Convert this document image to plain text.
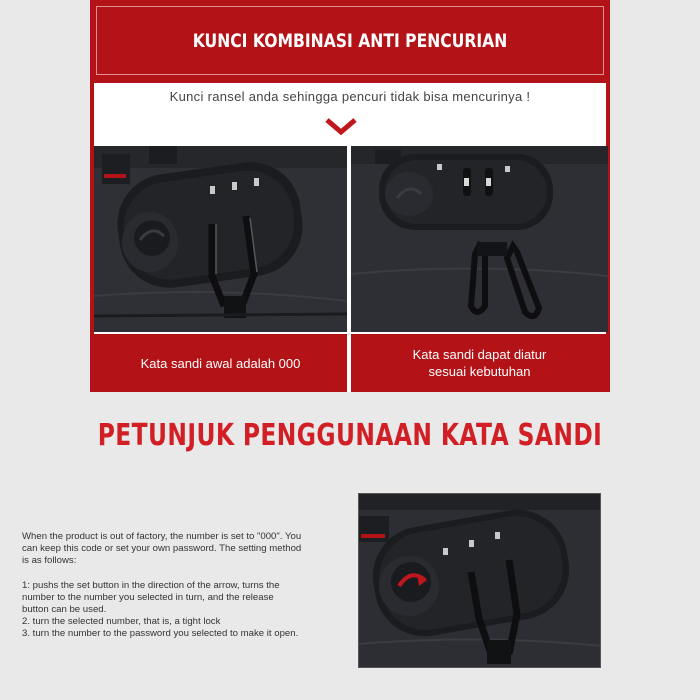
KUNCI KOMBINASI ANTI PENCURIAN
Kunci ransel anda sehingga pencuri tidak bisa mencurinya !
Kata sandi awal adalah 000
Kata sandi dapat diatur
sesuai kebutuhan
PETUNJUK PENGGUNAAN KATA SANDI

When the product is out of factory, the number is set to "000". You

can keep this code or set your own password. The setting method

is as follows:

1: pushs the set button in the direction of the arrow, turns the

number to the number you selected in turn, and the release

button can be used.

2. turn the selected number, that is, a tight lock

3. turn the number to the password you selected to make it open.
